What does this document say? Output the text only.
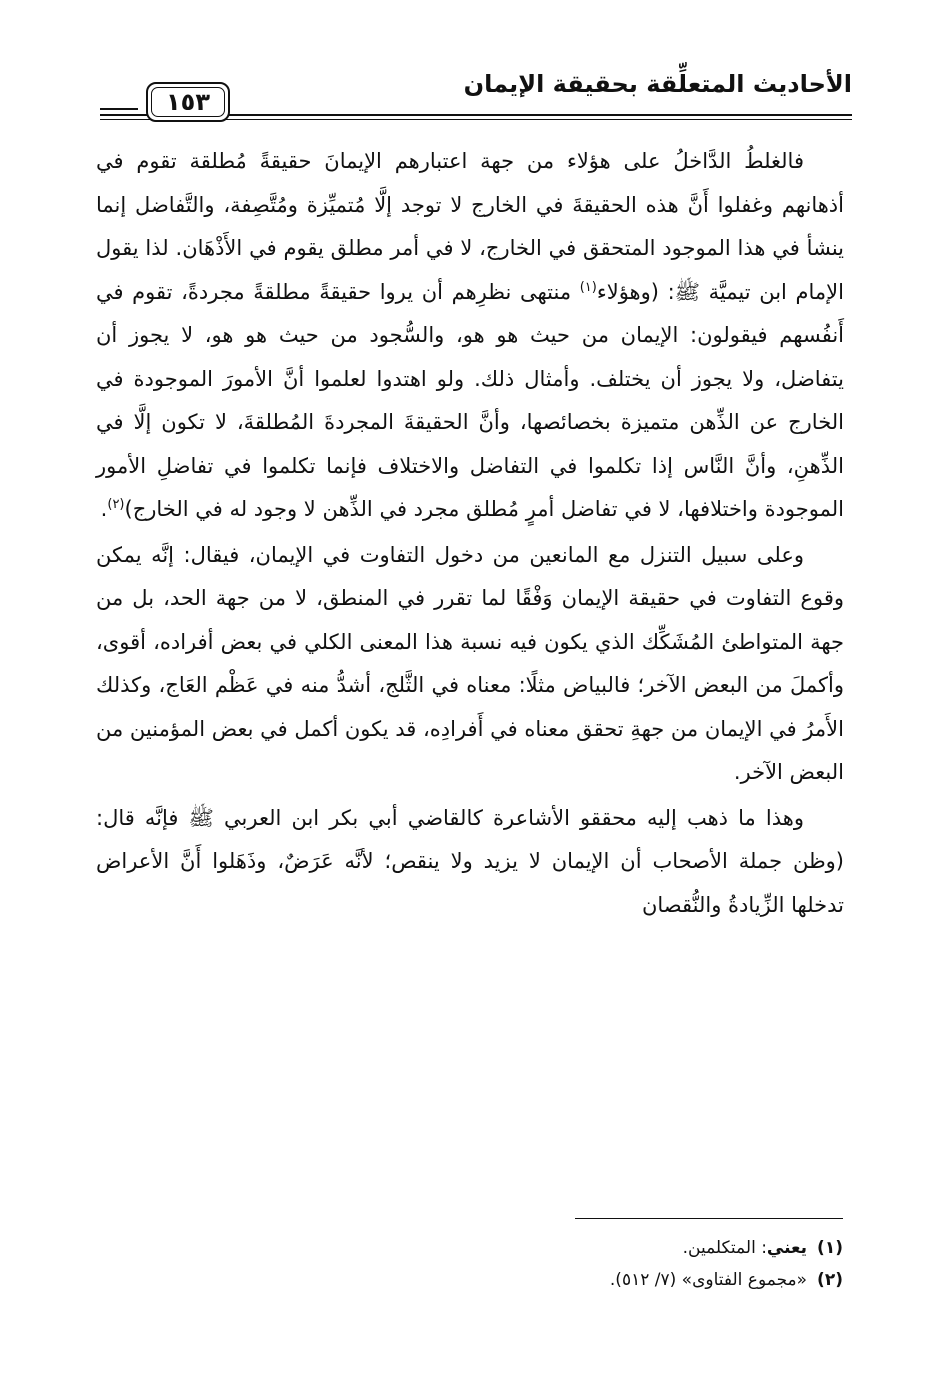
الأحاديث المتعلِّقة بحقيقة الإيمان
١٥٣

فالغلطُ الدَّاخلُ على هؤلاء من جهة اعتبارهم الإيمانَ حقيقةً مُطلقة تقوم في أذهانهم وغفلوا أَنَّ هذه الحقيقةَ في الخارج لا توجد إلَّا مُتميِّزة ومُتَّصِفة، والتَّفاضل إنما ينشأ في هذا الموجود المتحقق في الخارج، لا في أمر مطلق يقوم في الأَذْهَان. لذا يقول الإمام ابن تيميَّة ﷺ: (وهؤلاء$^{(١)}$ منتهى نظرِهم أن يروا حقيقةً مطلقةً مجردةً، تقوم في أَنفُسهم فيقولون: الإيمان من حيث هو هو، والسُّجود من حيث هو هو، لا يجوز أن يتفاضل، ولا يجوز أن يختلف. وأمثال ذلك. ولو اهتدوا لعلموا أنَّ الأمورَ الموجودة في الخارج عن الذِّهن متميزة بخصائصها، وأنَّ الحقيقةَ المجردةَ المُطلقةَ، لا تكون إلَّا في الذِّهنِ، وأنَّ النَّاس إذا تكلموا في التفاضل والاختلاف فإنما تكلموا في تفاضلِ الأمور الموجودة واختلافها، لا في تفاضل أمرٍ مُطلق مجرد في الذِّهن لا وجود له في الخارج)$^{(٢)}$.

وعلى سبيل التنزل مع المانعين من دخول التفاوت في الإيمان، فيقال: إنَّه يمكن وقوع التفاوت في حقيقة الإيمان وَفْقًا لما تقرر في المنطق، لا من جهة الحد، بل من جهة المتواطئ المُشَكِّك الذي يكون فيه نسبة هذا المعنى الكلي في بعض أفراده، أقوى، وأكملَ من البعض الآخر؛ فالبياض مثلًا: معناه في الثَّلج، أشدُّ منه في عَظْم العَاج، وكذلك الأَمرُ في الإيمان من جهةِ تحقق معناه في أَفرادِه، قد يكون أكمل في بعض المؤمنين من البعض الآخر.

وهذا ما ذهب إليه محققو الأشاعرة كالقاضي أبي بكر ابن العربي ﷺ فإنَّه قال: (وظن جملة الأصحاب أن الإيمان لا يزيد ولا ينقص؛ لأنَّه عَرَضٌ، وذَهَلوا أَنَّ الأعراض تدخلها الزِّيادةُ والنُّقصان

(١)يعني: المتكلمين.
(٢)«مجموع الفتاوى» (٧/ ٥١٢).
